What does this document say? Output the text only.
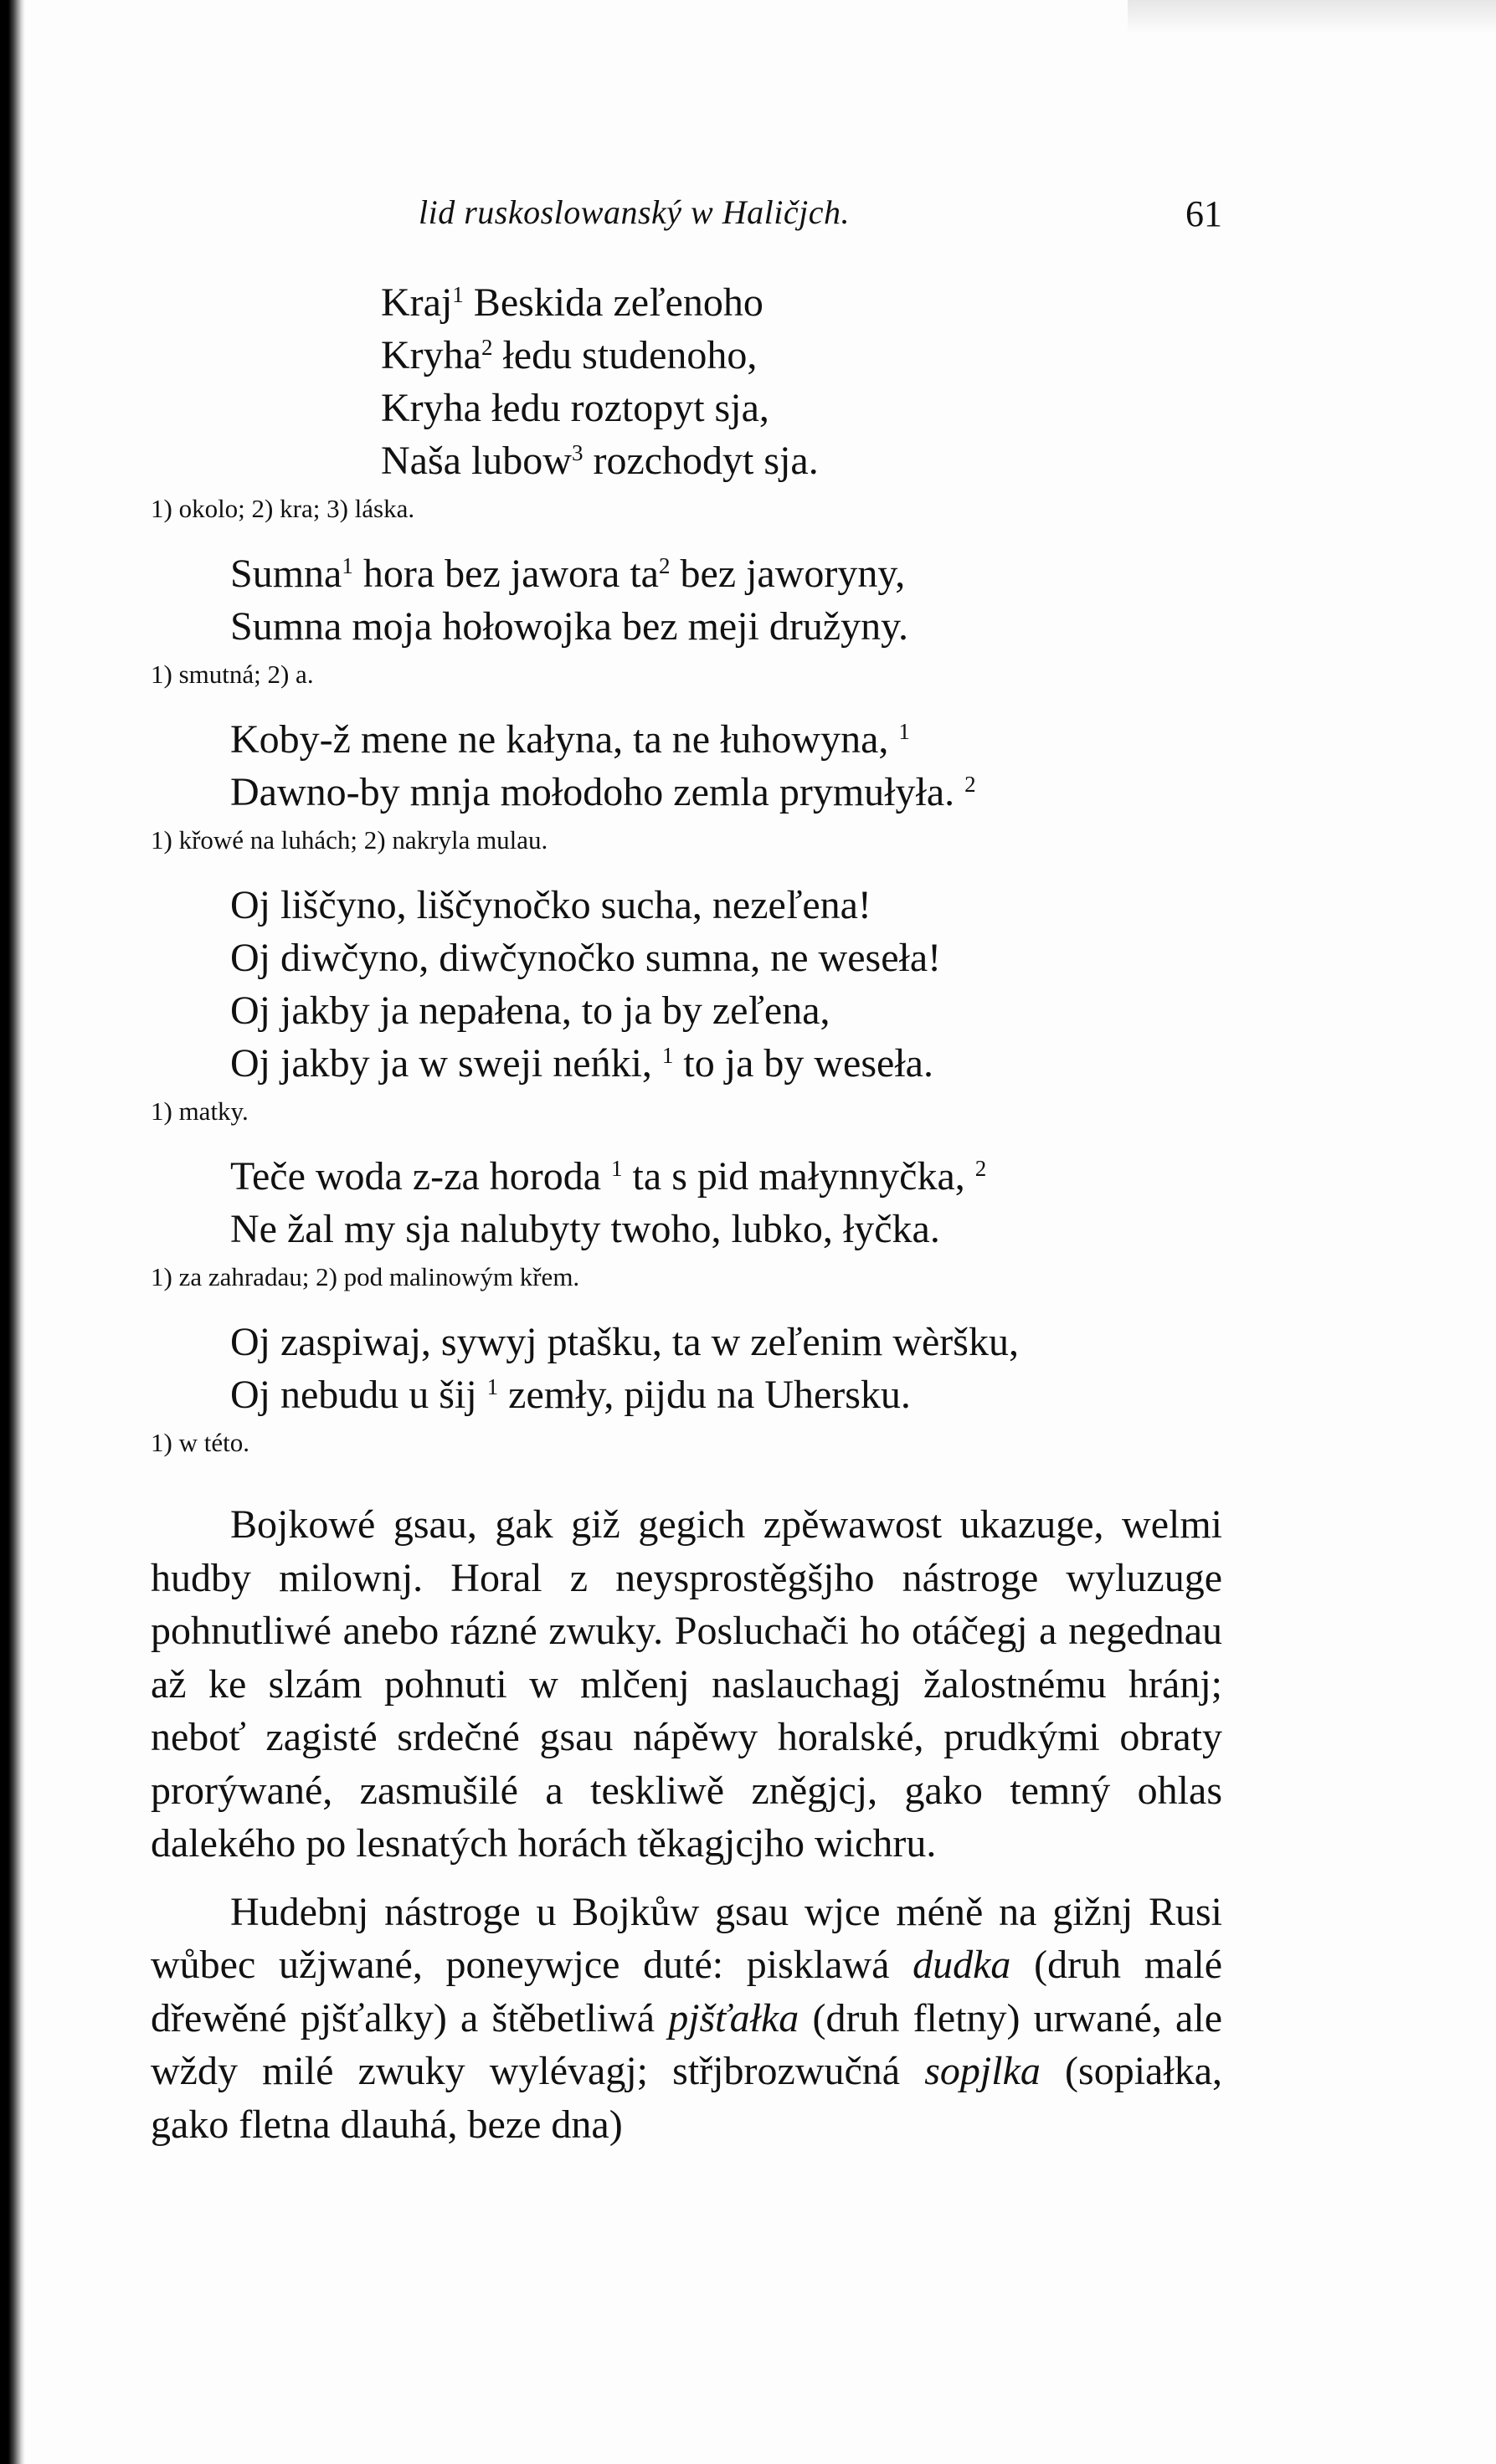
lid ruskoslowanský w Haličjch.	61
Kraj$^1$ Beskida zeľenoho
Kryha$^2$ łedu studenoho,
Kryha łedu roztopyt sja,
Naša lubow$^3$ rozchodyt sja.
1) okolo; 2) kra; 3) láska.
Sumna$^1$ hora bez jawora $ta^2$ bez jaworyny,
Sumna moja hołowojka bez meji družyny.
1) smutná; 2) a.
Koby-ž mene ne kałyna, ta ne łuhowyna, $^1$
Dawno-by mnja mołodoho zemla prymułyła. $^2$
1) křowé na luhách; 2) nakryla mulau.
Oj liščyno, liščynočko sucha, nezeľena!
Oj diwčyno, diwčynočko sumna, ne weseła!
Oj jakby ja nepałena, to ja by zeľena,
Oj jakby ja w sweji neńki, $^1$ to ja by weseła.
1) matky.
Teče woda z-za horoda $^1$ ta s pid małynnyčka, $^2$
Ne žal my sja nalubyty twoho, lubko, łyčka.
1) za zahradau; 2) pod malinowým křem.
Oj zaspiwaj, sywyj ptašku, ta w zeľenim wèršku,
Oj nebudu u šij $^1$ zemły, pijdu na Uhersku.
1) w této.

Bojkowé gsau, gak giž gegich zpěwawost ukazuge, welmi hudby milownj. Horal z neysprostěgšjho nástroge wyluzuge pohnutliwé anebo rázné zwuky. Posluchači ho otáčegj a negednau až ke slzám pohnuti w mlčenj naslauchagj žalostnému hránj; neboť zagisté srdečné gsau nápěwy horalské, prudkými obraty prorýwané, zasmušilé a teskliwě zněgjcj, gako temný ohlas dalekého po lesnatých horách těkagjcjho wichru.

Hudebnj nástroge u Bojkůw gsau wjce méně na gižnj Rusi wůbec užjwané, poneywjce duté: pisklawá dudka (druh malé dřewěné pjšťalky) a štěbetliwá pjšťałka (druh fletny) urwané, ale wždy milé zwuky wylévagj; střjbrozwučná sopjlka (sopiałka, gako fletna dlauhá, beze dna)
